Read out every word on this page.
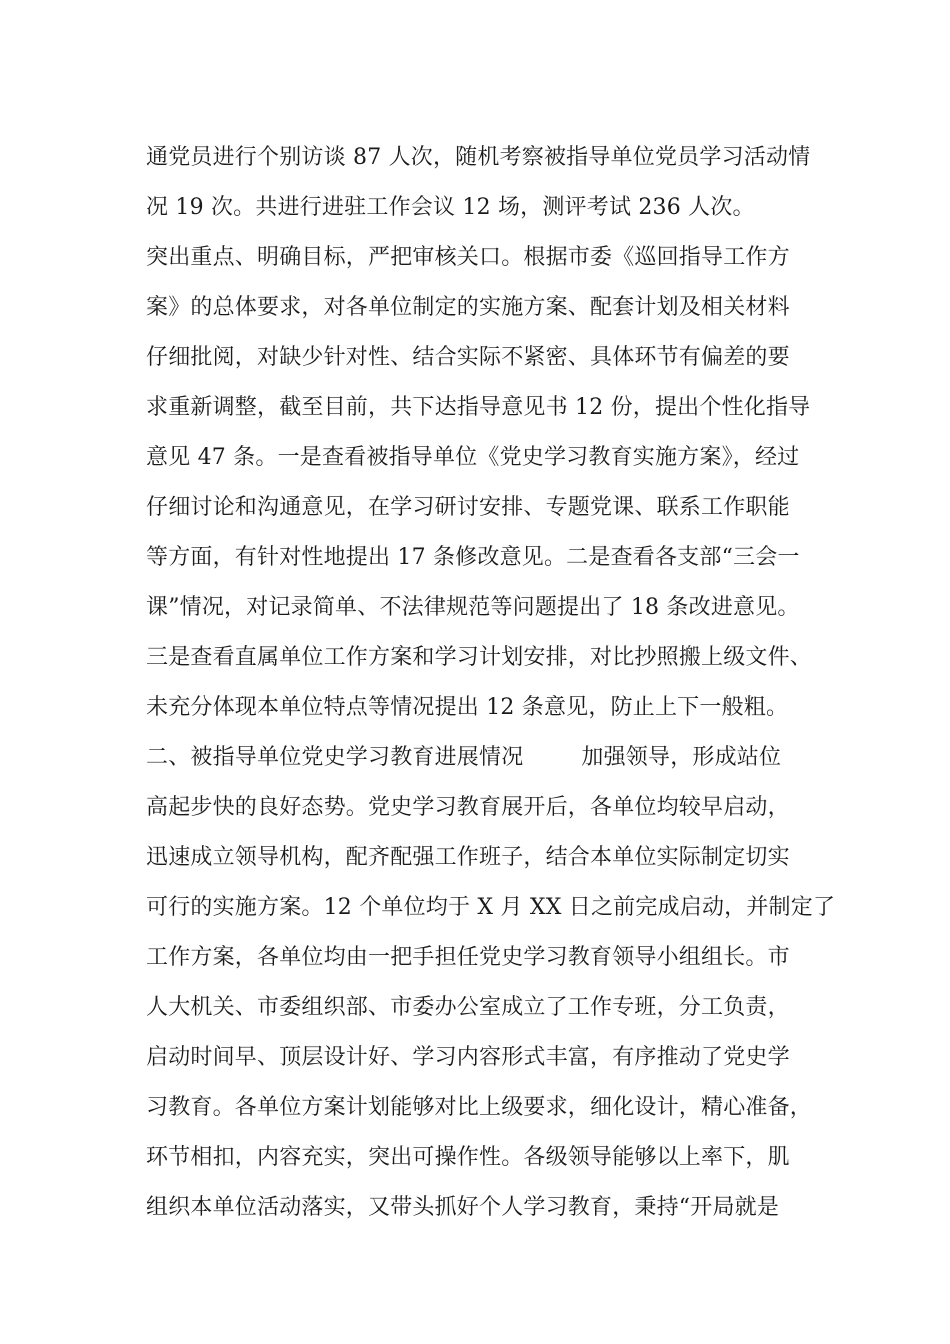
通党员进行个别访谈 87 人次，随机考察被指导单位党员学习活动情
况 19 次。共进行进驻工作会议 12 场，测评考试 236 人次。
突出重点、明确目标，严把审核关口。根据市委《巡回指导工作方
案》的总体要求，对各单位制定的实施方案、配套计划及相关材料
仔细批阅，对缺少针对性、结合实际不紧密、具体环节有偏差的要
求重新调整，截至目前，共下达指导意见书 12 份，提出个性化指导
意见 47 条。一是查看被指导单位《党史学习教育实施方案》，经过
仔细讨论和沟通意见，在学习研讨安排、专题党课、联系工作职能
等方面，有针对性地提出 17 条修改意见。二是查看各支部“三会一
课”情况，对记录简单、不法律规范等问题提出了 18 条改进意见。
三是查看直属单位工作方案和学习计划安排，对比抄照搬上级文件、
未充分体现本单位特点等情况提出 12 条意见，防止上下一般粗。
二、被指导单位党史学习教育进展情况	加强领导，形成站位
高起步快的良好态势。党史学习教育展开后，各单位均较早启动，
迅速成立领导机构，配齐配强工作班子，结合本单位实际制定切实
可行的实施方案。12 个单位均于 X 月 XX 日之前完成启动，并制定了
工作方案，各单位均由一把手担任党史学习教育领导小组组长。市
人大机关、市委组织部、市委办公室成立了工作专班，分工负责，
启动时间早、顶层设计好、学习内容形式丰富，有序推动了党史学
习教育。各单位方案计划能够对比上级要求，细化设计，精心准备，
环节相扣，内容充实，突出可操作性。各级领导能够以上率下，肌
组织本单位活动落实，又带头抓好个人学习教育，秉持“开局就是
